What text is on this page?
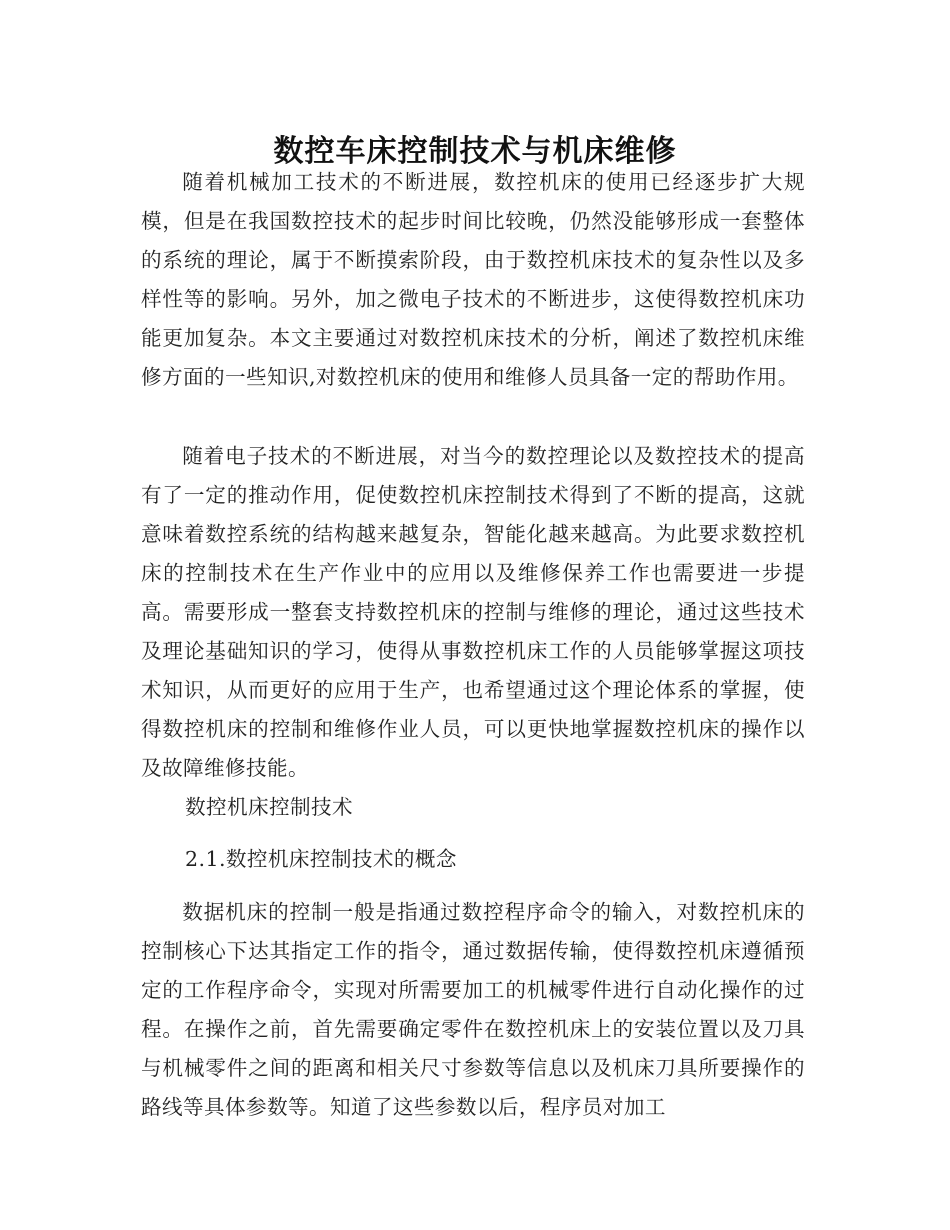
数控车床控制技术与机床维修

随着机械加工技术的不断进展，数控机床的使用已经逐步扩大规模，但是在我国数控技术的起步时间比较晚，仍然没能够形成一套整体的系统的理论，属于不断摸索阶段，由于数控机床技术的复杂性以及多样性等的影响。另外，加之微电子技术的不断进步，这使得数控机床功能更加复杂。本文主要通过对数控机床技术的分析，阐述了数控机床维修方面的一些知识,对数控机床的使用和维修人员具备一定的帮助作用。

随着电子技术的不断进展，对当今的数控理论以及数控技术的提高有了一定的推动作用，促使数控机床控制技术得到了不断的提高，这就意味着数控系统的结构越来越复杂，智能化越来越高。为此要求数控机床的控制技术在生产作业中的应用以及维修保养工作也需要进一步提高。需要形成一整套支持数控机床的控制与维修的理论，通过这些技术及理论基础知识的学习，使得从事数控机床工作的人员能够掌握这项技术知识，从而更好的应用于生产，也希望通过这个理论体系的掌握，使得数控机床的控制和维修作业人员，可以更快地掌握数控机床的操作以及故障维修技能。

数控机床控制技术

2.1.数控机床控制技术的概念

数据机床的控制一般是指通过数控程序命令的输入，对数控机床的控制核心下达其指定工作的指令，通过数据传输，使得数控机床遵循预定的工作程序命令，实现对所需要加工的机械零件进行自动化操作的过程。在操作之前，首先需要确定零件在数控机床上的安装位置以及刀具与机械零件之间的距离和相关尺寸参数等信息以及机床刀具所要操作的路线等具体参数等。知道了这些参数以后，程序员对加工
